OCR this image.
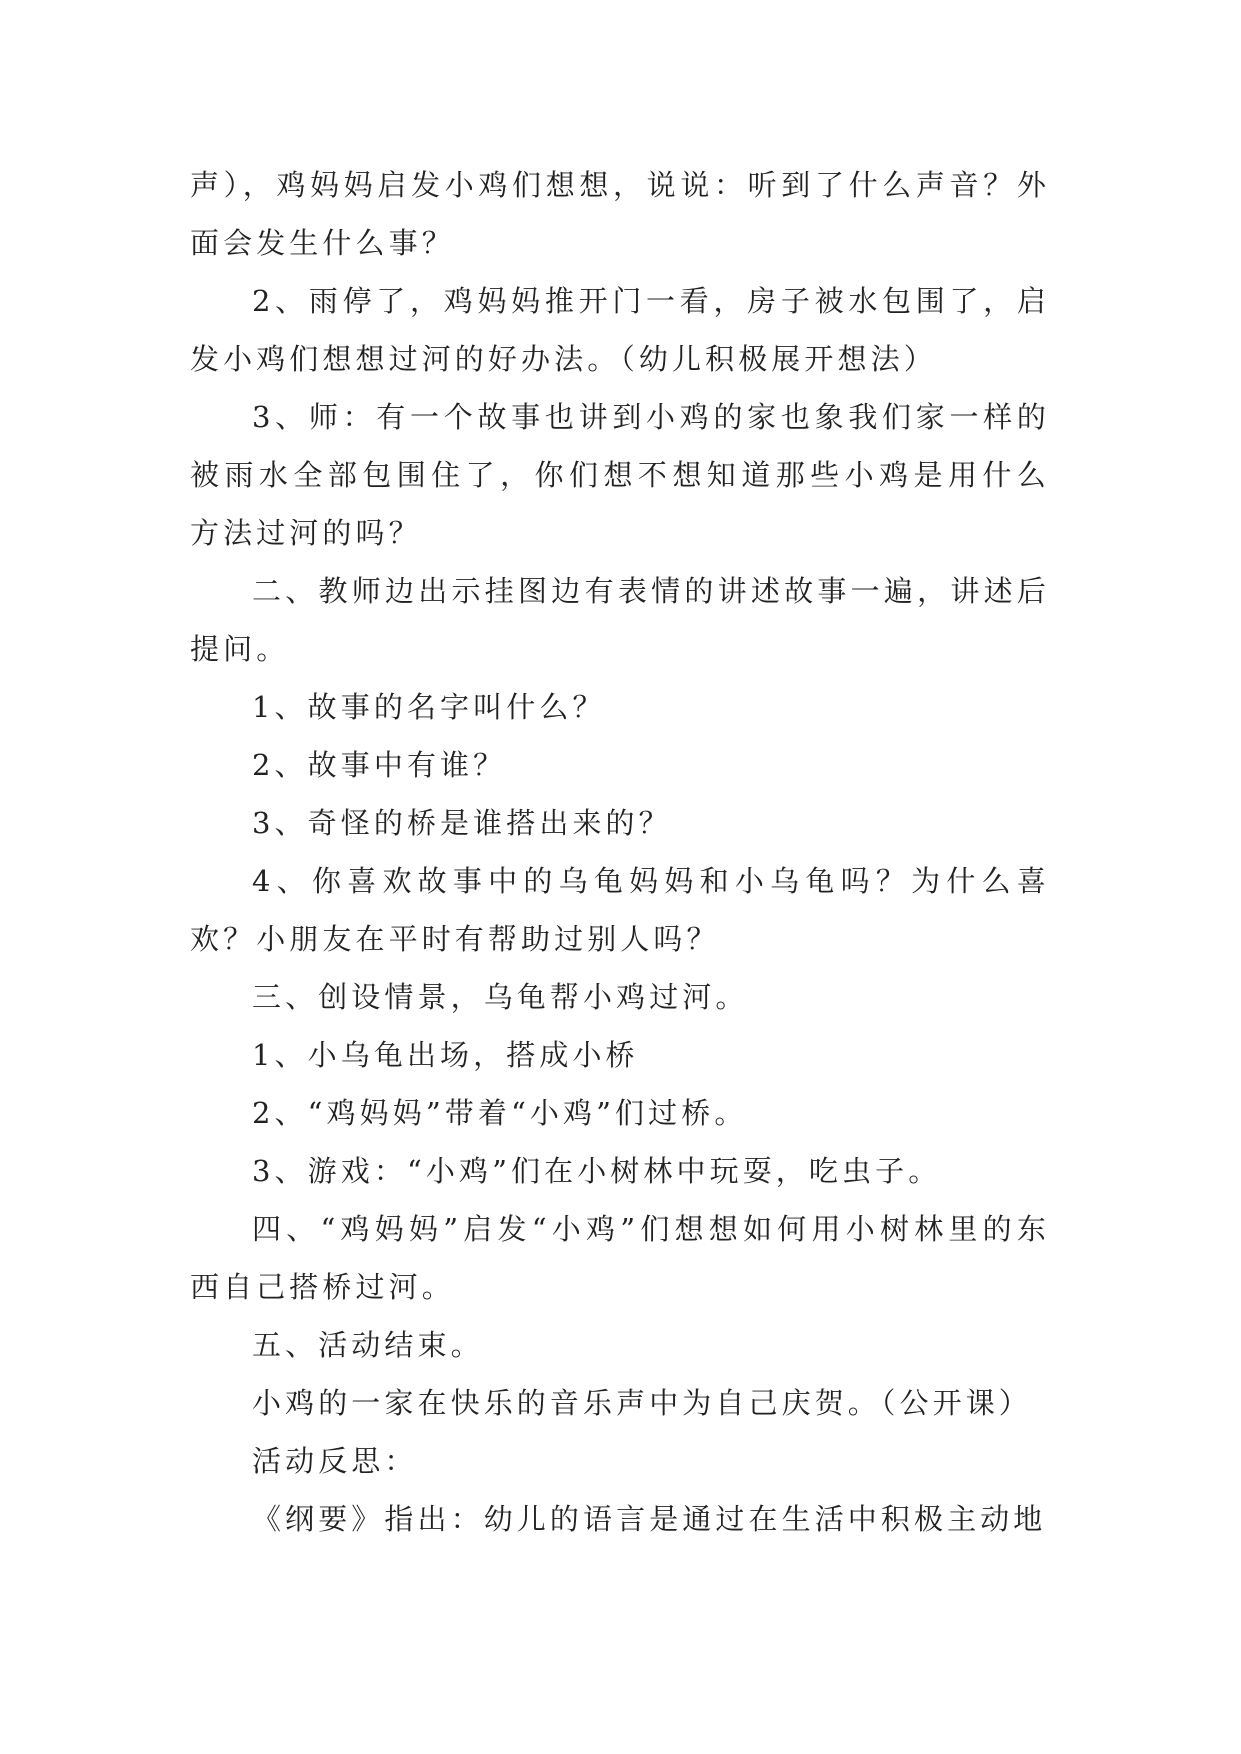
声），鸡妈妈启发小鸡们想想，说说：听到了什么声音？外面会发生什么事？

2、雨停了，鸡妈妈推开门一看，房子被水包围了，启发小鸡们想想过河的好办法。（幼儿积极展开想法）

3、师：有一个故事也讲到小鸡的家也象我们家一样的被雨水全部包围住了，你们想不想知道那些小鸡是用什么方法过河的吗？

二、教师边出示挂图边有表情的讲述故事一遍，讲述后提问。

1、故事的名字叫什么？

2、故事中有谁？

3、奇怪的桥是谁搭出来的？

4、你喜欢故事中的乌龟妈妈和小乌龟吗？为什么喜欢？小朋友在平时有帮助过别人吗？

三、创设情景，乌龟帮小鸡过河。

1、小乌龟出场，搭成小桥

2、“鸡妈妈”带着“小鸡”们过桥。

3、游戏：“小鸡”们在小树林中玩耍，吃虫子。

四、“鸡妈妈”启发“小鸡”们想想如何用小树林里的东西自己搭桥过河。

五、活动结束。

小鸡的一家在快乐的音乐声中为自己庆贺。（公开课）

活动反思：

《纲要》指出：幼儿的语言是通过在生活中积极主动地
